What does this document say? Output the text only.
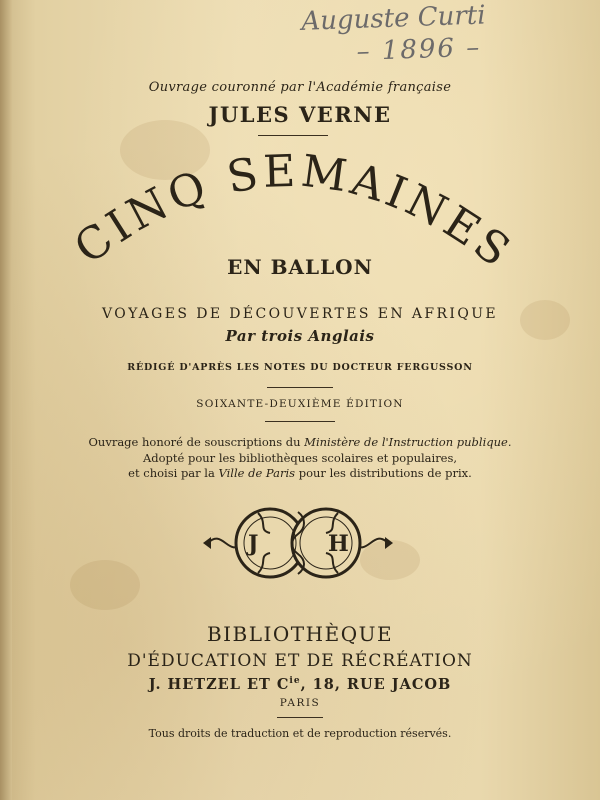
Auguste Curti
– 1896 –
Ouvrage couronné par l'Académie française
JULES VERNE
CINQ SEMAINES
EN BALLON
VOYAGES DE DÉCOUVERTES EN AFRIQUE
Par trois Anglais
RÉDIGÉ D'APRÈS LES NOTES DU DOCTEUR FERGUSSON
SOIXANTE-DEUXIÈME ÉDITION
Ouvrage honoré de souscriptions du Ministère de l'Instruction publique.
Adopté pour les bibliothèques scolaires et populaires,
et choisi par la Ville de Paris pour les distributions de prix.
J	H
BIBLIOTHÈQUE
D'ÉDUCATION ET DE RÉCRÉATION
J. HETZEL ET $C^{ie}$, 18, RUE JACOB
PARIS
Tous droits de traduction et de reproduction réservés.
